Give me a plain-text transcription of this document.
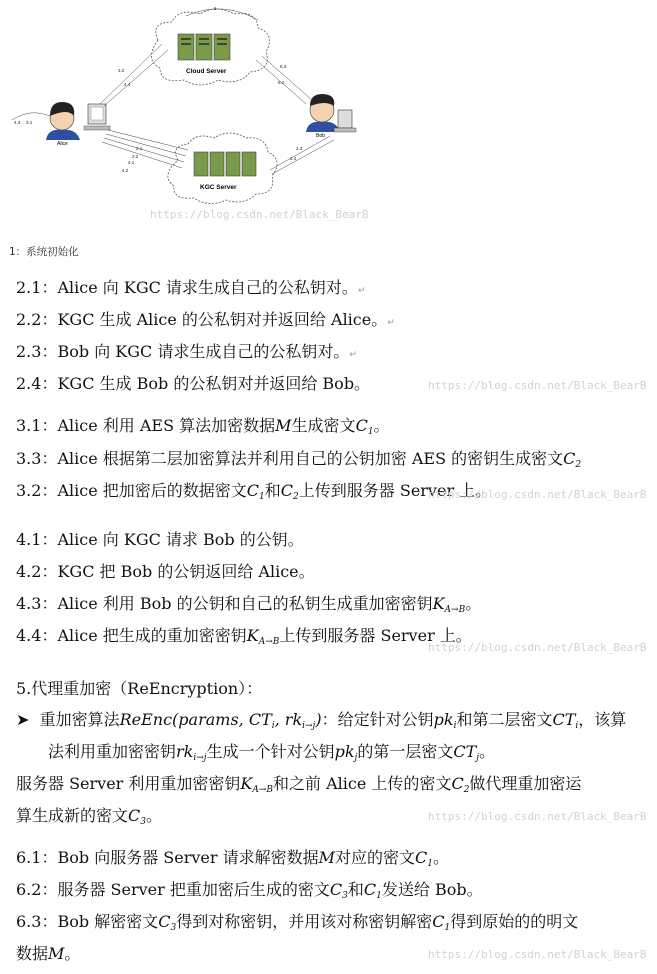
Cloud Server
KGC Server
Alice
Bob
5
3.2
4.4	6.2
6.3
4.3 3.1
2.1
2.2
4.1
4.2
2.3
2.4
https://blog.csdn.net/Black_BearB
1：系统初始化
2.1：Alice 向 KGC 请求生成自己的公私钥对。↵
2.2：KGC 生成 Alice 的公私钥对并返回给 Alice。↵
2.3：Bob 向 KGC 请求生成自己的公私钥对。↵
2.4：KGC 生成 Bob 的公私钥对并返回给 Bob。	https://blog.csdn.net/Black_BearB
3.1：Alice 利用 AES 算法加密数据M生成密文$C_1$。
3.3：Alice 根据第二层加密算法并利用自己的公钥加密 AES 的密钥生成密文$C_2$
3.2：Alice 把加密后的数据密文$C_1$和$C_2$上传到服务器 Server 上。
https://blog.csdn.net/Black_BearB
4.1：Alice 向 KGC 请求 Bob 的公钥。
4.2：KGC 把 Bob 的公钥返回给 Alice。
4.3：Alice 利用 Bob 的公钥和自己的私钥生成重加密密钥$K_{A\to B}$。
4.4：Alice 把生成的重加密密钥$K_{A\to B}$上传到服务器 Server 上。
https://blog.csdn.net/Black_BearB
5.代理重加密（ReEncryption）：
➤ 重加密算法ReEnc(params, $CT_i$, $rk_{i\to j}$)：给定针对公钥$pk_i$和第二层密文$CT_i$，该算
法利用重加密密钥$rk_{i\to j}$生成一个针对公钥$pk_j$的第一层密文$CT_j$。
服务器 Server 利用重加密密钥$K_{A\to B}$和之前 Alice 上传的密文$C_2$做代理重加密运
算生成新的密文$C_3$。	https://blog.csdn.net/Black_BearB
6.1：Bob 向服务器 Server 请求解密数据M对应的密文$C_1$。
6.2：服务器 Server 把重加密后生成的密文$C_3$和$C_1$发送给 Bob。
6.3：Bob 解密密文$C_3$得到对称密钥，并用该对称密钥解密$C_1$得到原始的的明文
数据M。	https://blog.csdn.net/Black_BearB
